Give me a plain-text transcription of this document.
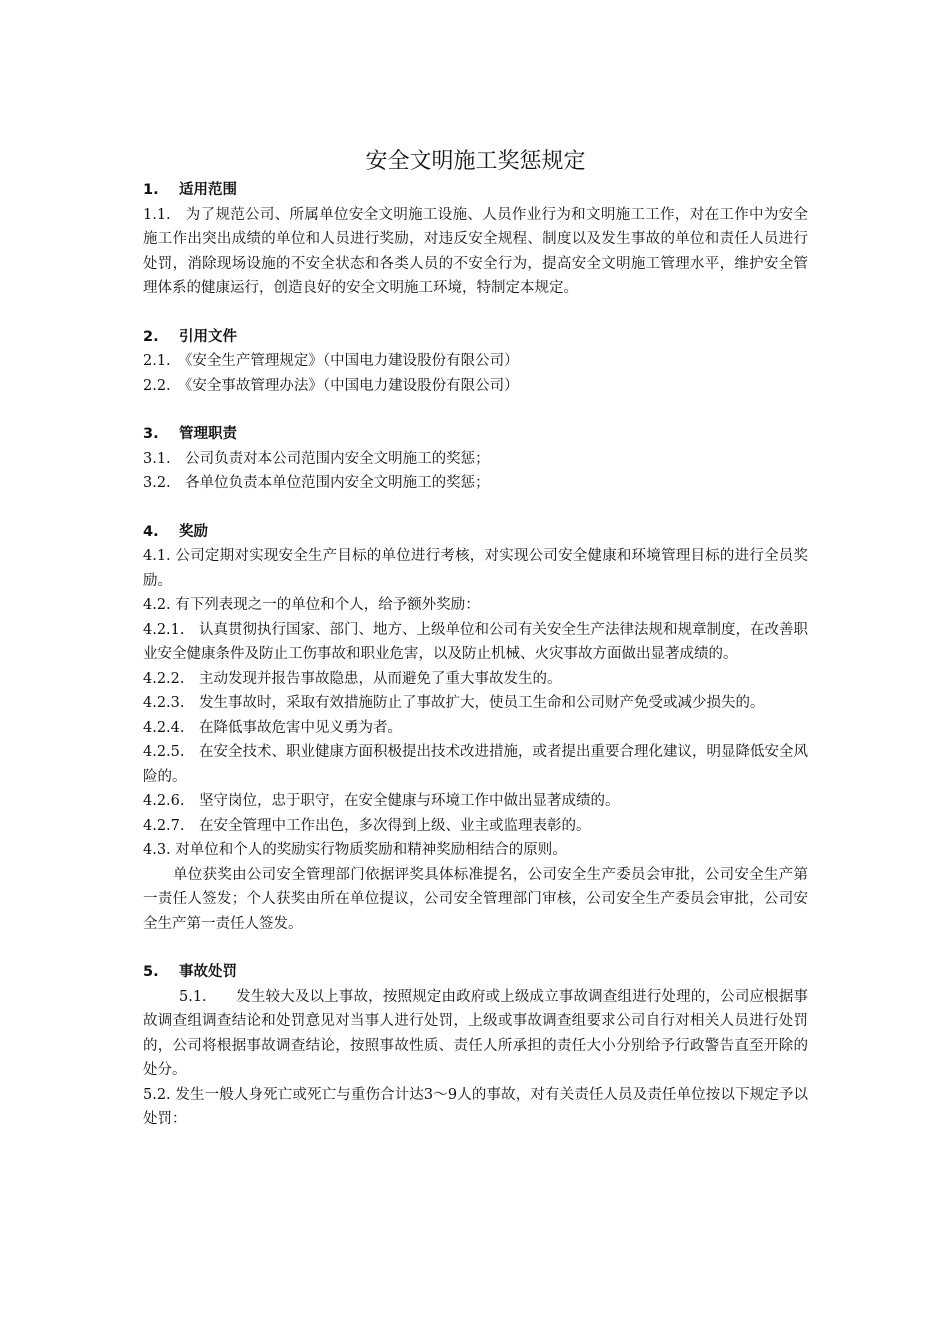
安全文明施工奖惩规定
1. 适用范围

1.1.　为了规范公司、所属单位安全文明施工设施、人员作业行为和文明施工工作，对在工作中为安全施工作出突出成绩的单位和人员进行奖励，对违反安全规程、制度以及发生事故的单位和责任人员进行处罚，消除现场设施的不安全状态和各类人员的不安全行为，提高安全文明施工管理水平，维护安全管理体系的健康运行，创造良好的安全文明施工环境，特制定本规定。

2. 引用文件

2.1.　《安全生产管理规定》（中国电力建设股份有限公司）

2.2.　《安全事故管理办法》（中国电力建设股份有限公司）

3. 管理职责

3.1.　公司负责对本公司范围内安全文明施工的奖惩；

3.2.　各单位负责本单位范围内安全文明施工的奖惩；

4. 奖励

4.1. 公司定期对实现安全生产目标的单位进行考核，对实现公司安全健康和环境管理目标的进行全员奖励。

4.2. 有下列表现之一的单位和个人，给予额外奖励：

4.2.1.　认真贯彻执行国家、部门、地方、上级单位和公司有关安全生产法律法规和规章制度，在改善职业安全健康条件及防止工伤事故和职业危害，以及防止机械、火灾事故方面做出显著成绩的。

4.2.2.　主动发现并报告事故隐患，从而避免了重大事故发生的。

4.2.3.　发生事故时，采取有效措施防止了事故扩大，使员工生命和公司财产免受或减少损失的。

4.2.4.　在降低事故危害中见义勇为者。

4.2.5.　在安全技术、职业健康方面积极提出技术改进措施，或者提出重要合理化建议，明显降低安全风险的。

4.2.6.　坚守岗位，忠于职守，在安全健康与环境工作中做出显著成绩的。

4.2.7.　在安全管理中工作出色，多次得到上级、业主或监理表彰的。

4.3. 对单位和个人的奖励实行物质奖励和精神奖励相结合的原则。

单位获奖由公司安全管理部门依据评奖具体标准提名，公司安全生产委员会审批，公司安全生产第一责任人签发；个人获奖由所在单位提议，公司安全管理部门审核，公司安全生产委员会审批，公司安全生产第一责任人签发。

5. 事故处罚

5.1.　　发生较大及以上事故，按照规定由政府或上级成立事故调查组进行处理的，公司应根据事故调查组调查结论和处罚意见对当事人进行处罚，上级或事故调查组要求公司自行对相关人员进行处罚的，公司将根据事故调查结论，按照事故性质、责任人所承担的责任大小分别给予行政警告直至开除的处分。

5.2. 发生一般人身死亡或死亡与重伤合计达3～9人的事故，对有关责任人员及责任单位按以下规定予以处罚：
